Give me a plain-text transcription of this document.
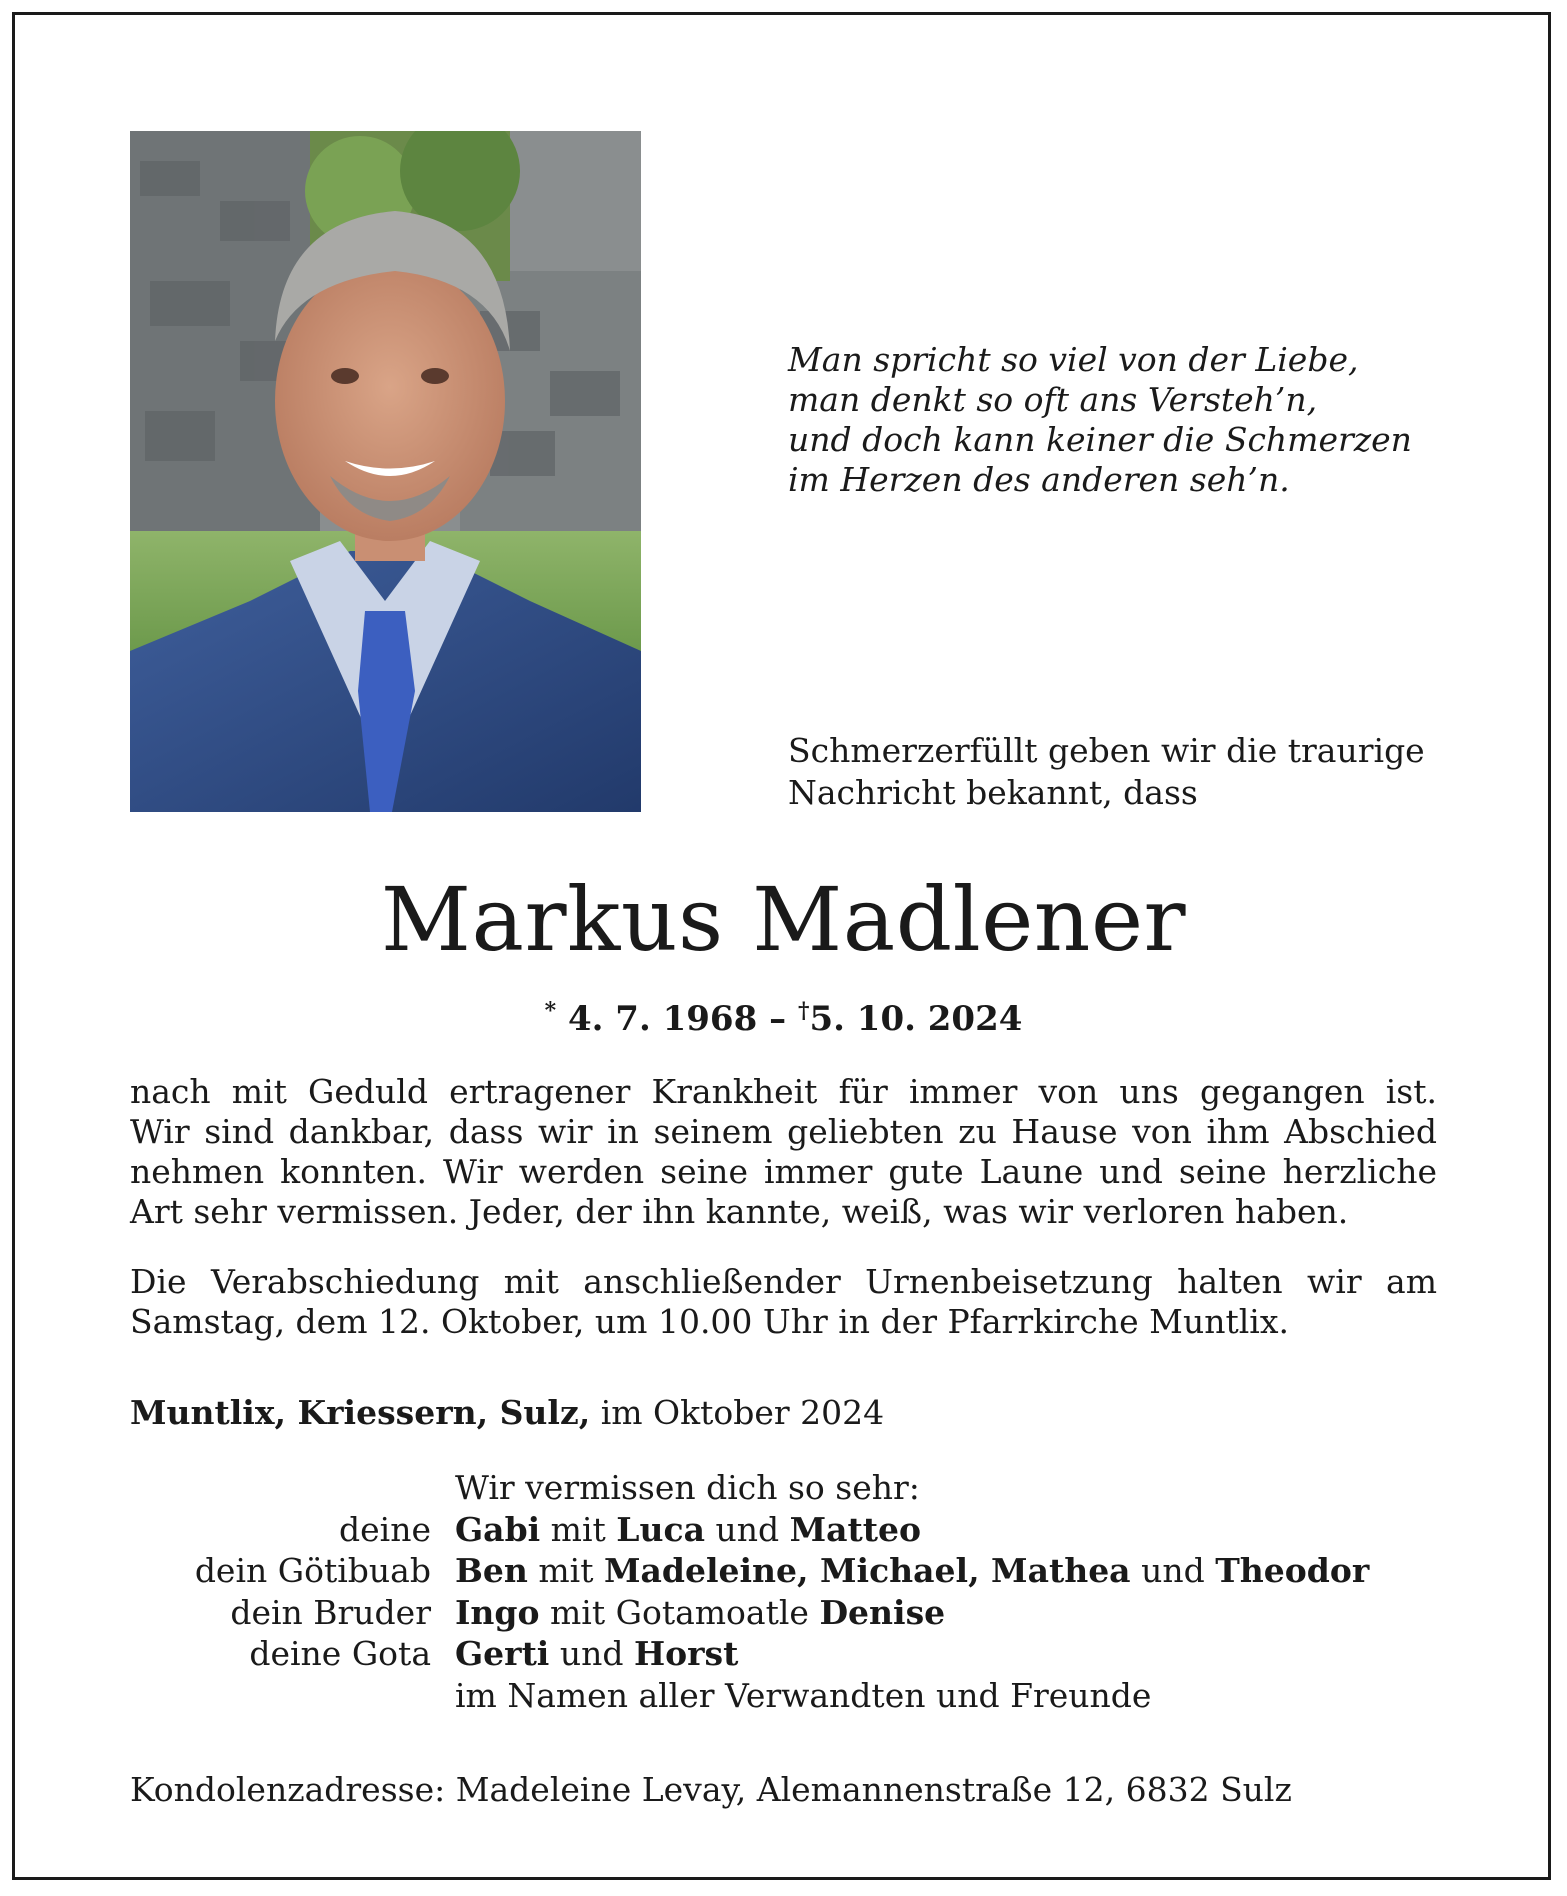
Man spricht so viel von der Liebe,
man denkt so oft ans Versteh’n,
und doch kann keiner die Schmerzen
im Herzen des anderen seh’n.
Schmerzerfüllt geben wir die traurige
Nachricht bekannt, dass
Markus Madlener
* 4. 7. 1968 – †5. 10. 2024
nach mit Geduld ertragener Krankheit für immer von uns gegangen ist.
Wir sind dankbar, dass wir in seinem geliebten zu Hause von ihm Abschied
nehmen konnten. Wir werden seine immer gute Laune und seine herzliche
Art sehr vermissen. Jeder, der ihn kannte, weiß, was wir verloren haben.
Die Verabschiedung mit anschließender Urnenbeisetzung halten wir am
Samstag, dem 12. Oktober, um 10.00 Uhr in der Pfarrkirche Muntlix.
Muntlix, Kriessern, Sulz, im Oktober 2024
Wir vermissen dich so sehr:
deine Gabi mit Luca und Matteo
dein Götibuab Ben mit Madeleine, Michael, Mathea und Theodor
dein Bruder Ingo mit Gotamoatle Denise
deine Gota Gerti und Horst
im Namen aller Verwandten und Freunde
Kondolenzadresse: Madeleine Levay, Alemannenstraße 12, 6832 Sulz
